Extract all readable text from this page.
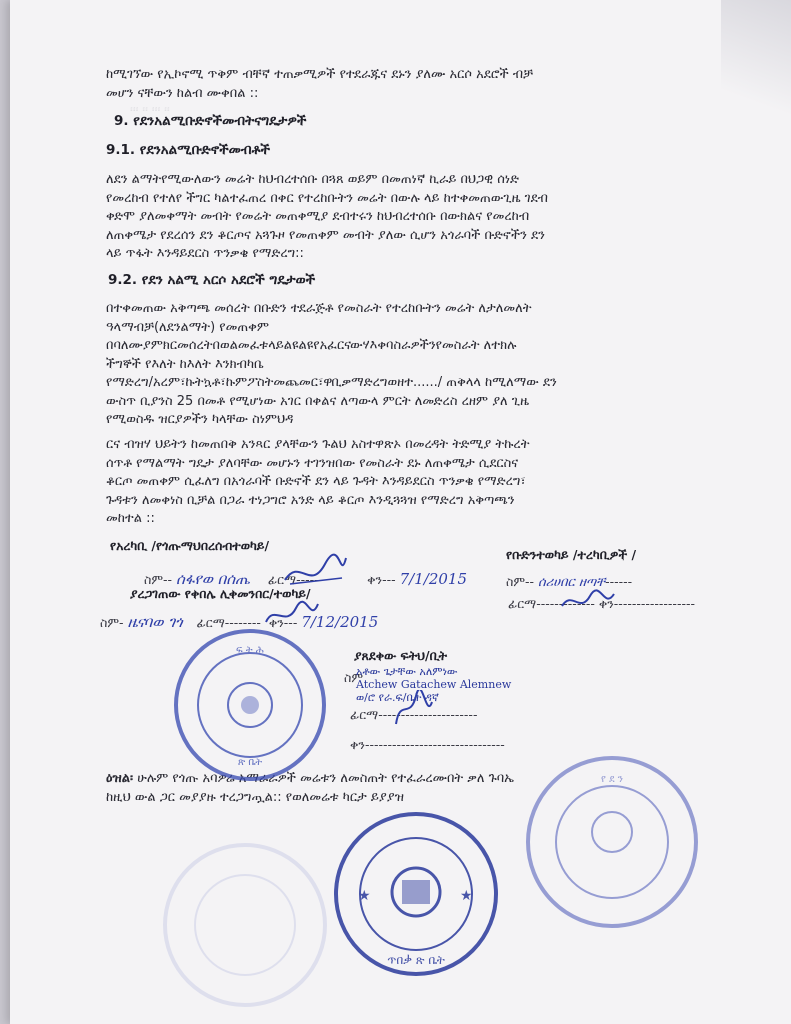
፡፡፡ ፡፡ ፡፡፡ ፡፡
ከሚገኘው የኢኮኖሚ ጥቅም ብቸኛ ተጠቃሚዎች የተደራጁና ደኑን ያለሙ አርሶ አደሮች ብቻ
መሆን ናቸውን ከልብ ሙቀበል ::
9. የደንአልሚቡድኖችመብትናግዴታዎች
9.1. የደንአልሚቡድኖችመብቶች
ለደን ልማትየሚውለውን መሬት ከህብረተሰቡ በጓጸ ወይም በመጠነኛ ኪራይ በህጋዊ ሰነድ
የመረከብ የተለየ ችግር ካልተፈጠረ በቀር የተረከቡትን መሬት በውሉ ላይ ከተቀመጠውጊዜ ገደብ
ቀድሞ ያለመቀማት መብት የመሬት መጠቀሚያ ደብተሩን ከህብረተሰቡ በውክልና የመረከብ
ለጠቀሜታ የደረሰን ደን ቆርጦና አጓጉዞ የመጠቀም መብት ያለው ሲሆን አጎራባች ቡድኖችን ደን
ላይ ጥፋት እንዳይደርስ ጥንቃቄ የማድረግ::
9.2. የደን አልሚ አርሶ አደሮች ግዴታወች
በተቀመጠው አቅጣጫ መሰረት በቡድን ተደራጅቶ የመስራት የተረከቡትን መሬት ለታለመለት
ዓላማብቻ(ለደንልማት) የመጠቀም
በባለሙያምክርመሰረትበወልመፈቱላይልዩልዩየአፈርናውሃእቀባስራዎችንየመስራት ለተክሉ
ችግኞች የእለት ከእለት እንክብካቤ
የማድረግ/አረም፣ኩትኳቶ፣ኩምፖስትመጨመር፣ዋቢቃማድረግወዘተ....../ ጠቅላላ ከሚለማው ደን
ውስጥ ቢያንስ 25 በመቶ የሚሆነው አገር በቀልና ለጣውላ ምርት ለመድረስ ረዘም ያለ ጊዜ
የሚወስዱ ዝርያዎችን ካላቸው ስነምህዳ
ርና ብዝሃ ህይትን ከመጠበቅ አንጻር ያላቸውን ጉልህ አስተዋጽኦ በመረዳት ትድሚያ ትኩረት
ሰጥቶ የማልማት ግዴታ ያለባቸው መሆኑን ተገንዝበው የመስራት ደኑ ለጠቀሜታ ሲደርስና
ቆርጦ መጠቀም ሲፈለግ በአጎራባች ቡድኖች ደን ላይ ጉዳት እንዳይደርስ ጥንቃቄ የማድረግ፣
ጉዳቱን ለመቀነስ ቢቻል በጋራ ተነጋግሮ አንድ ላይ ቆርጦ እንዲጓጓዝ የማድረግ አቅጣጫን
መከተል ::
የአረካቢ /የጎጡማህበረሰብተወካይ/
የቡድንተወካይ /ተረካቢዎች /
ስም-- ሰፋየወ በሰጤ ፊርማ------	ቀን--- 7/1/2015	ስም-- ሰሪሀበር ዘጣቸ------
ፊርማ------------- ቀን------------------
ያረጋገጠው የቀበሌ ሊቀመንበር/ተወካይ/
ስም- ዜናባወ ገጎ ፊርማ-------- ቀን--- 7/12/2015
ያጸደቀው ፍትህ/ቢት
ስም
አቶው ጌታቸው አለምነው
Atchew Gatachew Alemnew
ወ/ሮ የራ.ፍ/ቤት ዳኛ
ፊርማ----------------------
ቀን-------------------------------
ዕዝል፡ ሁሉም የጎጡ አባዎሬ አማራራዎች መሬቱን ለመስጠት የተፈራረሙበት ቃለ ጉባኤ
ከዚህ ውል ጋር መያያዙ ተረጋግጧል:: የወለመሬቱ ካርታ ይያያዝ
ፍ ት ሕ
ጽ ቤት
★	★
ጥበቃ ጽ ቤት
የ ደ ን
